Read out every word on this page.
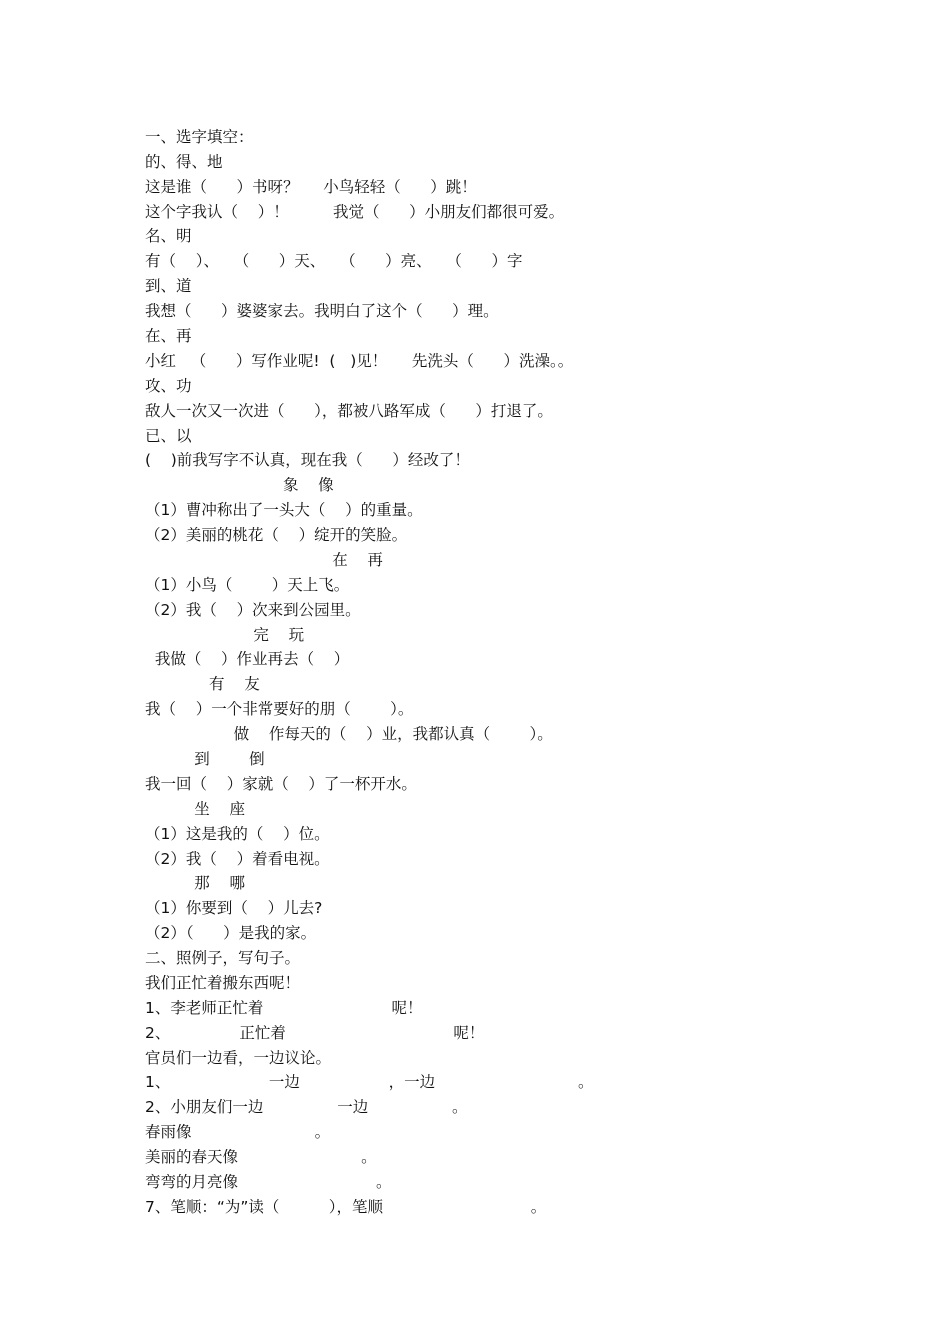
一、选字填空：

的、得、地

这是谁（      ）书呀？     小鸟轻轻（      ）跳！

这个字我认（    ）！         我觉（      ）小朋友们都很可爱。

名、明

有（    ）、   （      ）天、   （      ）亮、   （      ）字

到、道

我想（      ）婆婆家去。我明白了这个（      ）理。

在、再

小红   （      ）写作业呢!  (   )见！     先洗头（      ）洗澡。。

攻、功

敌人一次又一次进（      ），都被八路军成（      ）打退了。

已、以

(    )前我写字不认真，现在我（      ）经改了！

象    像

（1）曹冲称出了一头大（    ）的重量。

（2）美丽的桃花（    ）绽开的笑脸。

在    再

（1）小鸟（        ）天上飞。

（2）我（    ）次来到公园里。

完    玩

我做（    ）作业再去（    ）

有    友

我（    ）一个非常要好的朋（        ）。

做    作每天的（    ）业，我都认真（        ）。

到        倒

我一回（    ）家就（    ）了一杯开水。

坐    座

（1）这是我的（    ）位。

（2）我（    ）着看电视。

那    哪

（1）你要到（    ）儿去?

（2）（      ）是我的家。

二、照例子，写句子。

我们正忙着搬东西呢！

1、李老师正忙着                          呢！

2、              正忙着                                  呢！

官员们一边看，一边议论。

1、                    一边                  ，一边                             。

2、小朋友们一边               一边                 。

春雨像                         。

美丽的春天像                         。

弯弯的月亮像                            。

7、笔顺：“为”读（          ），笔顺                              。
